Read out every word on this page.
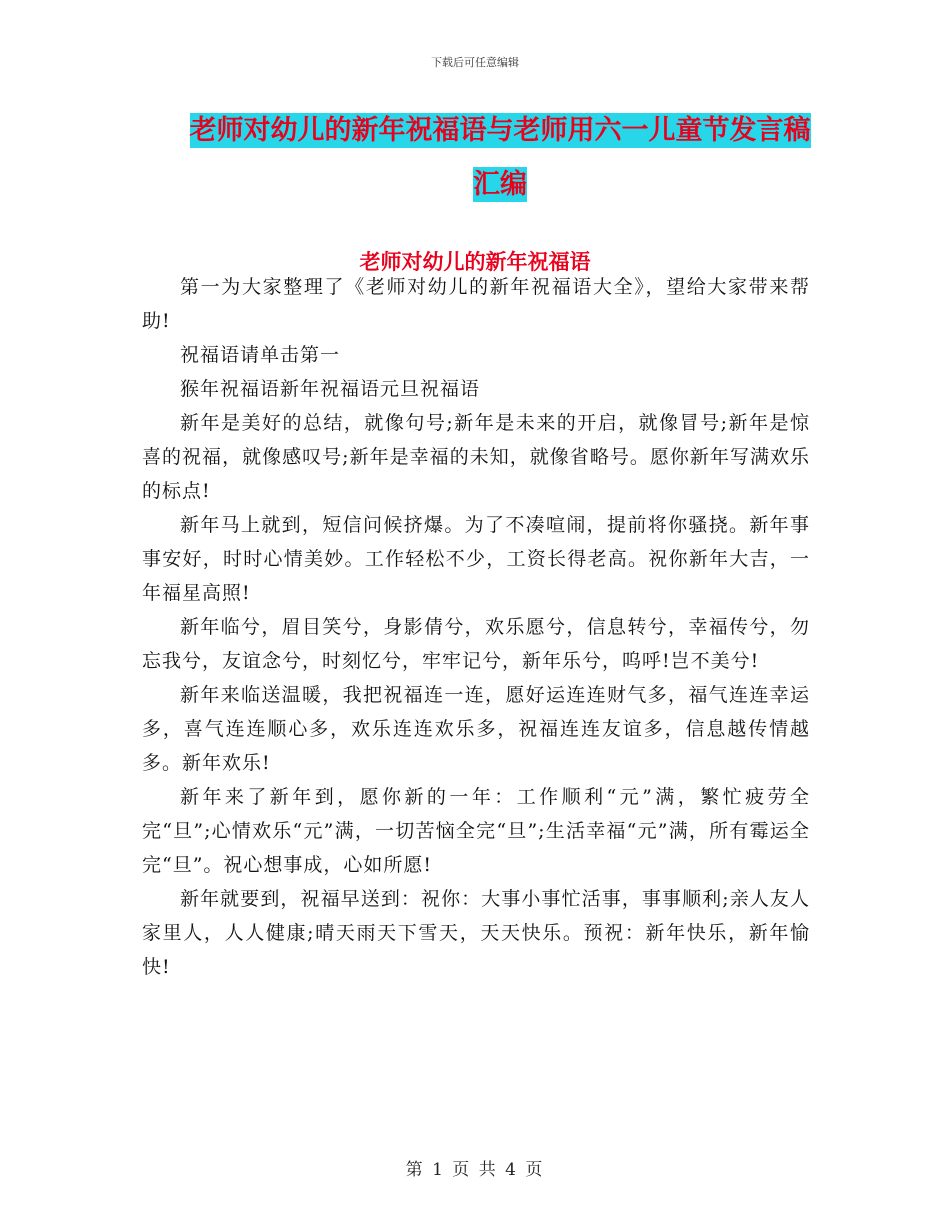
下载后可任意编辑
老师对幼儿的新年祝福语与老师用六一儿童节发言稿
汇编
老师对幼儿的新年祝福语

第一为大家整理了《老师对幼儿的新年祝福语大全》，望给大家带来帮助!

祝福语请单击第一

猴年祝福语新年祝福语元旦祝福语

新年是美好的总结，就像句号;新年是未来的开启，就像冒号;新年是惊喜的祝福，就像感叹号;新年是幸福的未知，就像省略号。愿你新年写满欢乐的标点!

新年马上就到，短信问候挤爆。为了不凑喧闹，提前将你骚挠。新年事事安好，时时心情美妙。工作轻松不少，工资长得老高。祝你新年大吉，一年福星高照!

新年临兮，眉目笑兮，身影倩兮，欢乐愿兮，信息转兮，幸福传兮，勿忘我兮，友谊念兮，时刻忆兮，牢牢记兮，新年乐兮，呜呼!岂不美兮!

新年来临送温暖，我把祝福连一连，愿好运连连财气多，福气连连幸运多，喜气连连顺心多，欢乐连连欢乐多，祝福连连友谊多，信息越传情越多。新年欢乐!

新年来了新年到，愿你新的一年：工作顺利“元”满，繁忙疲劳全完“旦”;心情欢乐“元”满，一切苦恼全完“旦”;生活幸福“元”满，所有霉运全完“旦”。祝心想事成，心如所愿!

新年就要到，祝福早送到：祝你：大事小事忙活事，事事顺利;亲人友人家里人，人人健康;晴天雨天下雪天，天天快乐。预祝：新年快乐，新年愉快!

第 1 页 共 4 页
